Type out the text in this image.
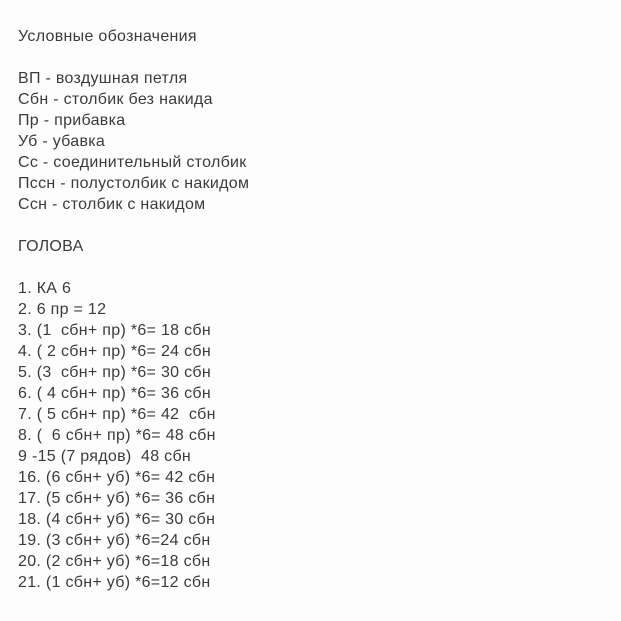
Условные обозначения
ВП - воздушная петля
Сбн - столбик без накида
Пр - прибавка
Уб - убавка
Сс - соединительный столбик
Пссн - полустолбик с накидом
Ссн - столбик с накидом
ГОЛОВА
1. КА 6
2. 6 пр = 12
3. (1  сбн+ пр) *6= 18 сбн
4. ( 2 сбн+ пр) *6= 24 сбн
5. (3  сбн+ пр) *6= 30 сбн
6. ( 4 сбн+ пр) *6= 36 сбн
7. ( 5 сбн+ пр) *6= 42  сбн
8. (  6 сбн+ пр) *6= 48 сбн
9 -15 (7 рядов)  48 сбн
16. (6 сбн+ уб) *6= 42 сбн
17. (5 сбн+ уб) *6= 36 сбн
18. (4 сбн+ уб) *6= 30 сбн
19. (3 сбн+ уб) *6=24 сбн
20. (2 сбн+ уб) *6=18 сбн
21. (1 сбн+ уб) *6=12 сбн
